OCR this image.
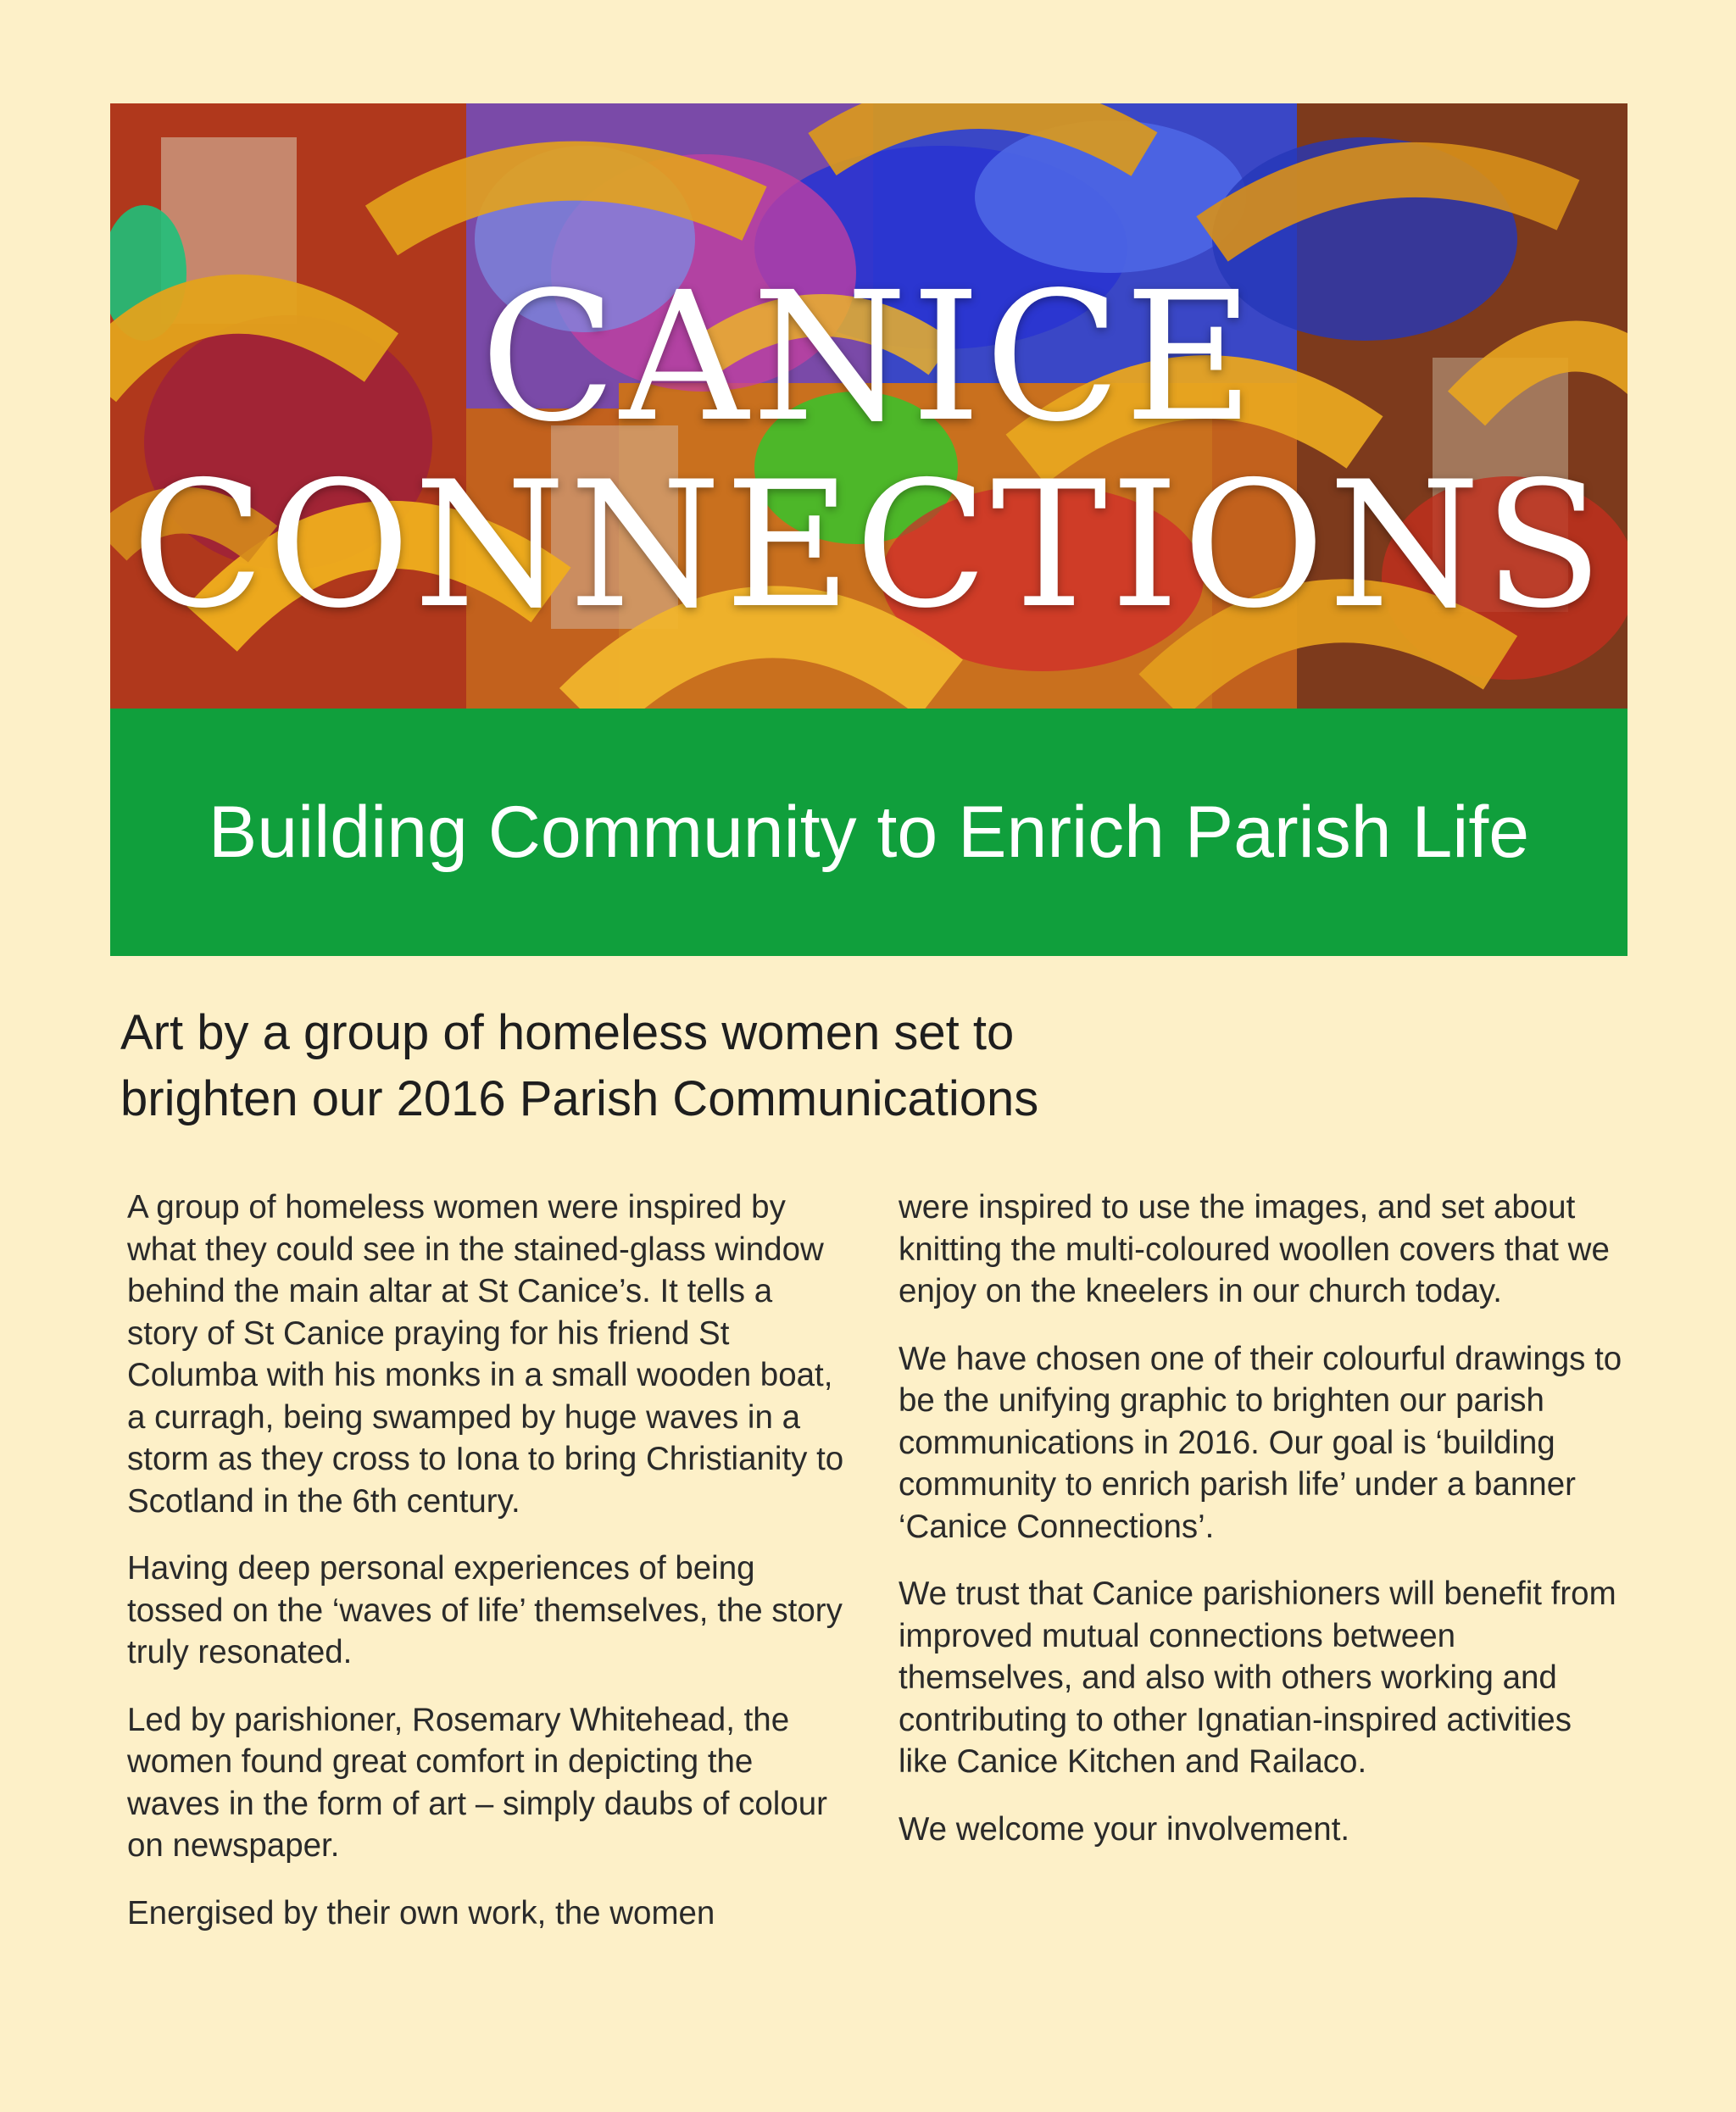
CANICE
CONNECTIONS
Building Community to Enrich Parish Life
Art by a group of homeless women set to
brighten our 2016 Parish Communications

A group of homeless women were inspired by what they could see in the stained-glass window behind the main altar at St Canice’s. It tells a story of St Canice praying for his friend St Columba with his monks in a small wooden boat, a curragh, being swamped by huge waves in a storm as they cross to Iona to bring Christianity to Scotland in the 6th century.

Having deep personal experiences of being tossed on the ‘waves of life’ themselves, the story truly resonated.

Led by parishioner, Rosemary Whitehead, the women found great comfort in depicting the waves in the form of art – simply daubs of colour on newspaper.

Energised by their own work, the women

were inspired to use the images, and set about knitting the multi-coloured woollen covers that we enjoy on the kneelers in our church today.

We have chosen one of their colourful drawings to be the unifying graphic to brighten our parish communications in 2016. Our goal is ‘building community to enrich parish life’ under a banner ‘Canice Connections’.

We trust that Canice parishioners will benefit from improved mutual connections between themselves, and also with others working and contributing to other Ignatian-inspired activities like Canice Kitchen and Railaco.

We welcome your involvement.
